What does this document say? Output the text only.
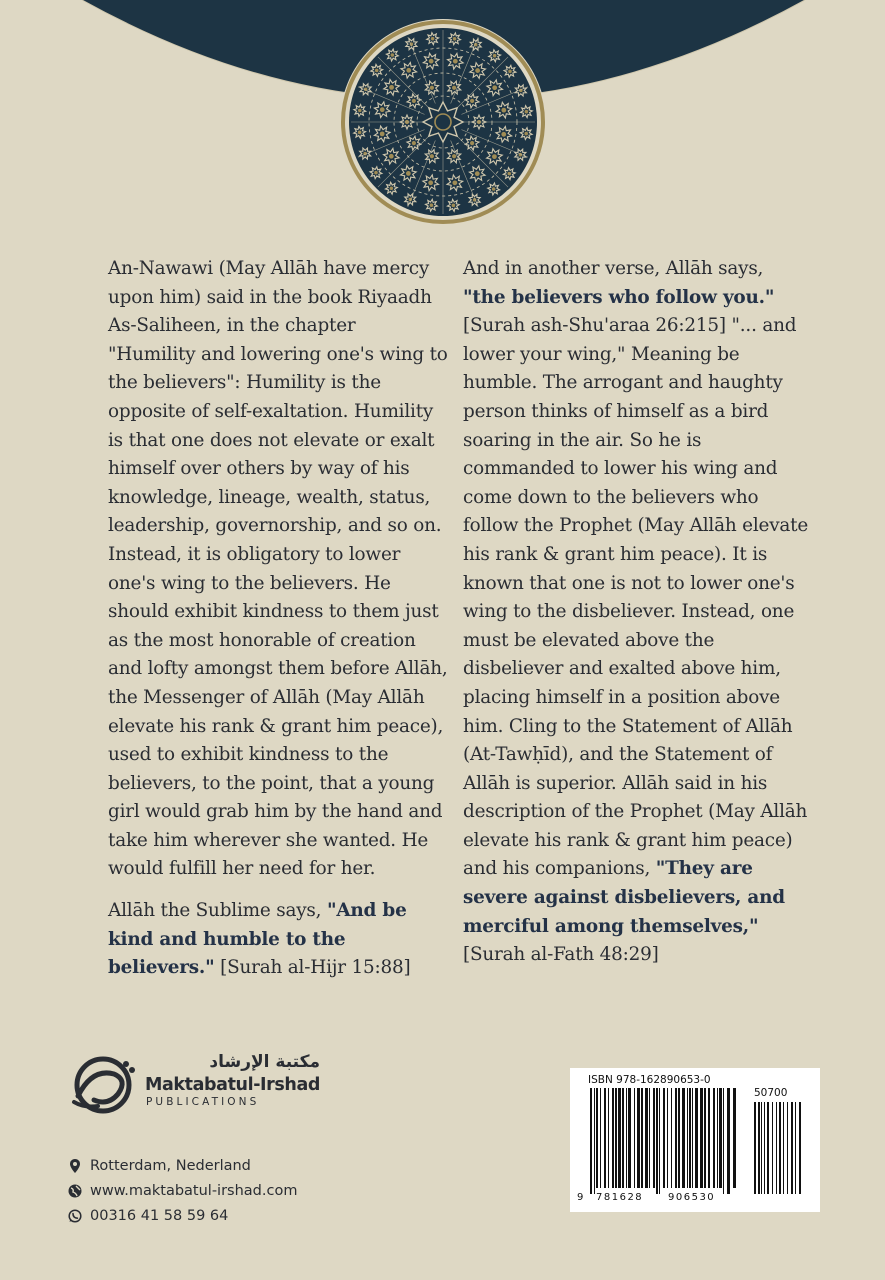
An-Nawawi (May Allāh have mercy upon him) said in the book Riyaadh As-Saliheen, in the chapter "Humility and lowering one's wing to the believers": Humility is the opposite of self-exaltation. Humility is that one does not elevate or exalt himself over others by way of his knowledge, lineage, wealth, status, leadership, governorship, and so on. Instead, it is obligatory to lower one's wing to the believers. He should exhibit kindness to them just as the most honorable of creation and lofty amongst them before Allāh, the Messenger of Allāh (May Allāh elevate his rank & grant him peace), used to exhibit kindness to the believers, to the point, that a young girl would grab him by the hand and take him wherever she wanted. He would fulfill her need for her.

Allāh the Sublime says, "And be kind and humble to the believers." [Surah al-Hijr 15:88]

And in another verse, Allāh says, "the believers who follow you." [Surah ash-Shu'araa 26:215] "... and lower your wing," Meaning be humble. The arrogant and haughty person thinks of himself as a bird soaring in the air. So he is commanded to lower his wing and come down to the believers who follow the Prophet (May Allāh elevate his rank & grant him peace). It is known that one is not to lower one's wing to the disbeliever. Instead, one must be elevated above the disbeliever and exalted above him, placing himself in a position above him. Cling to the Statement of Allāh (At-Tawḥīd), and the Statement of Allāh is superior. Allāh said in his description of the Prophet (May Allāh elevate his rank & grant him peace) and his companions, "They are severe against disbelievers, and merciful among themselves," [Surah al-Fath 48:29]

مكتبة الإرشاد
Maktabatul-Irshad
PUBLICATIONS
Rotterdam, Nederland
www.maktabatul-irshad.com
00316 41 58 59 64
ISBN 978-162890653-0
50700
9 781628 906530
